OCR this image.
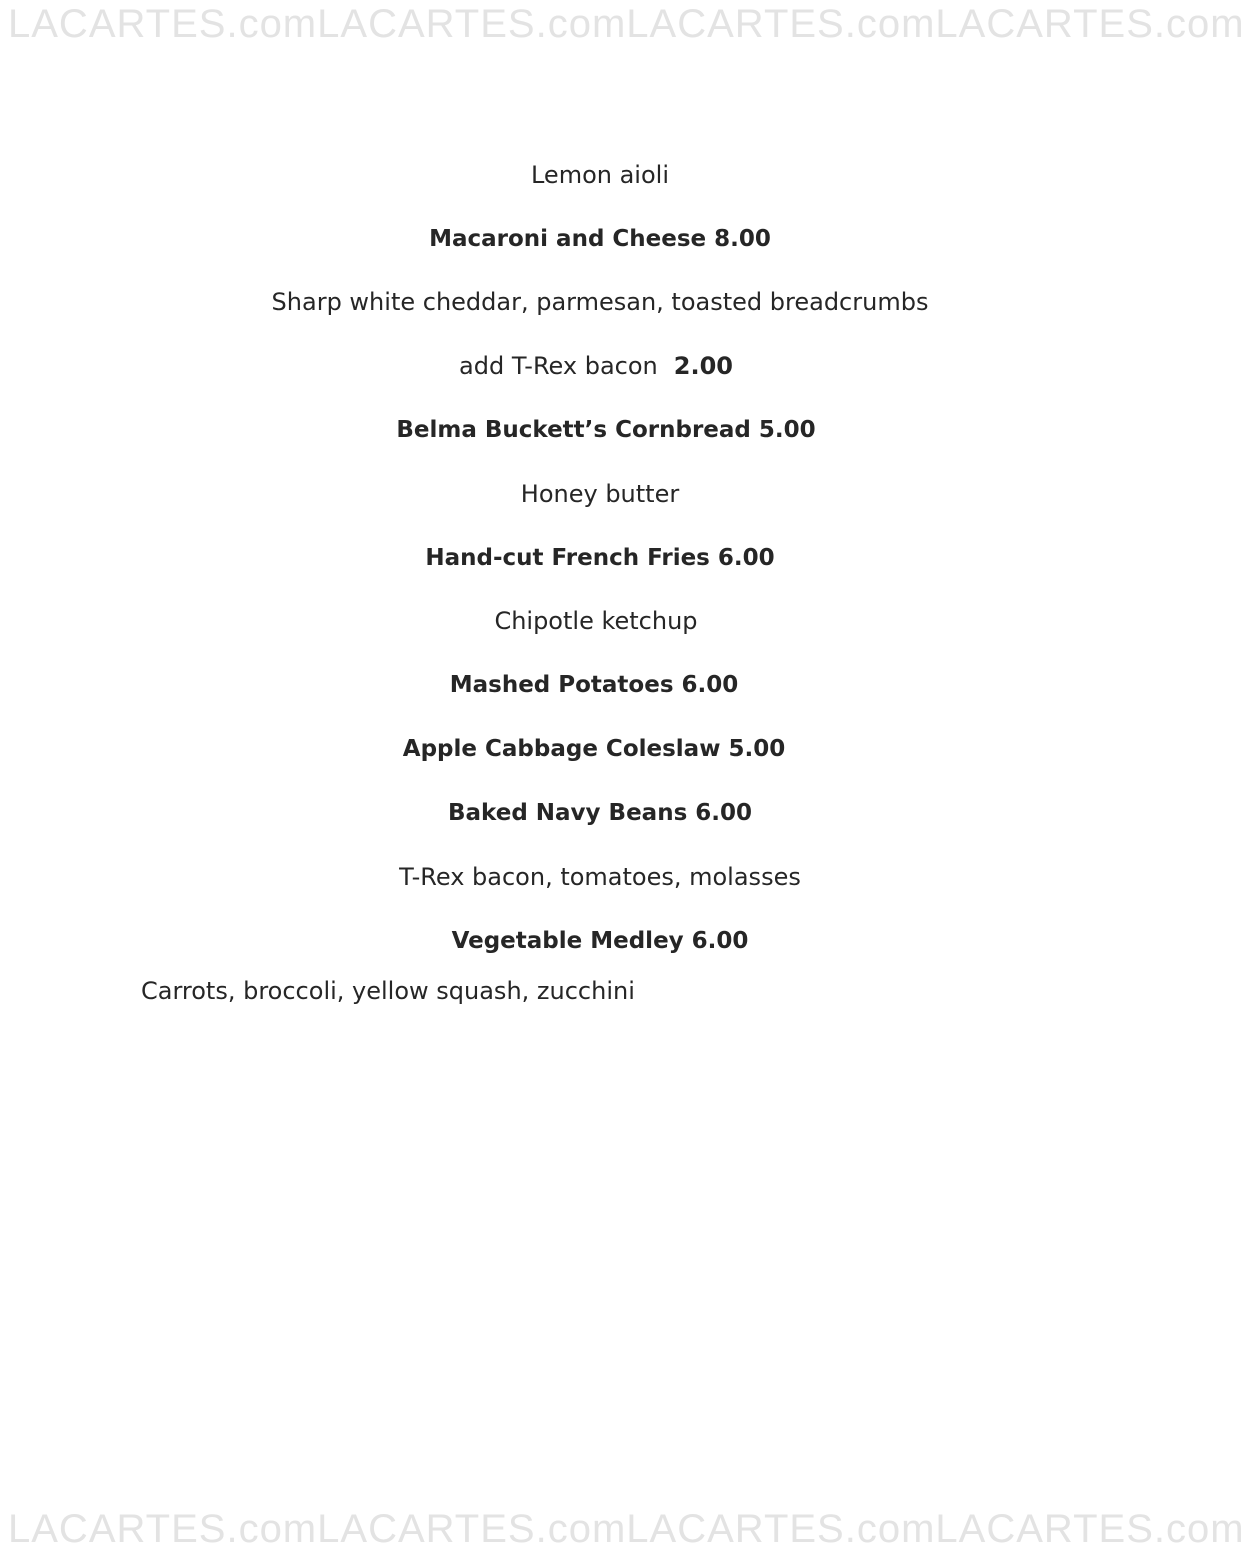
LACARTES.com LACARTES.com LACARTES.com LACARTES.com
Lemon aioli
Macaroni and Cheese 8.00
Sharp white cheddar, parmesan, toasted breadcrumbs
add T-Rex bacon 2.00
Belma Buckett’s Cornbread 5.00
Honey butter
Hand-cut French Fries 6.00
Chipotle ketchup
Mashed Potatoes 6.00
Apple Cabbage Coleslaw 5.00
Baked Navy Beans 6.00
T-Rex bacon, tomatoes, molasses
Vegetable Medley 6.00
Carrots, broccoli, yellow squash, zucchini
LACARTES.com LACARTES.com LACARTES.com LACARTES.com
